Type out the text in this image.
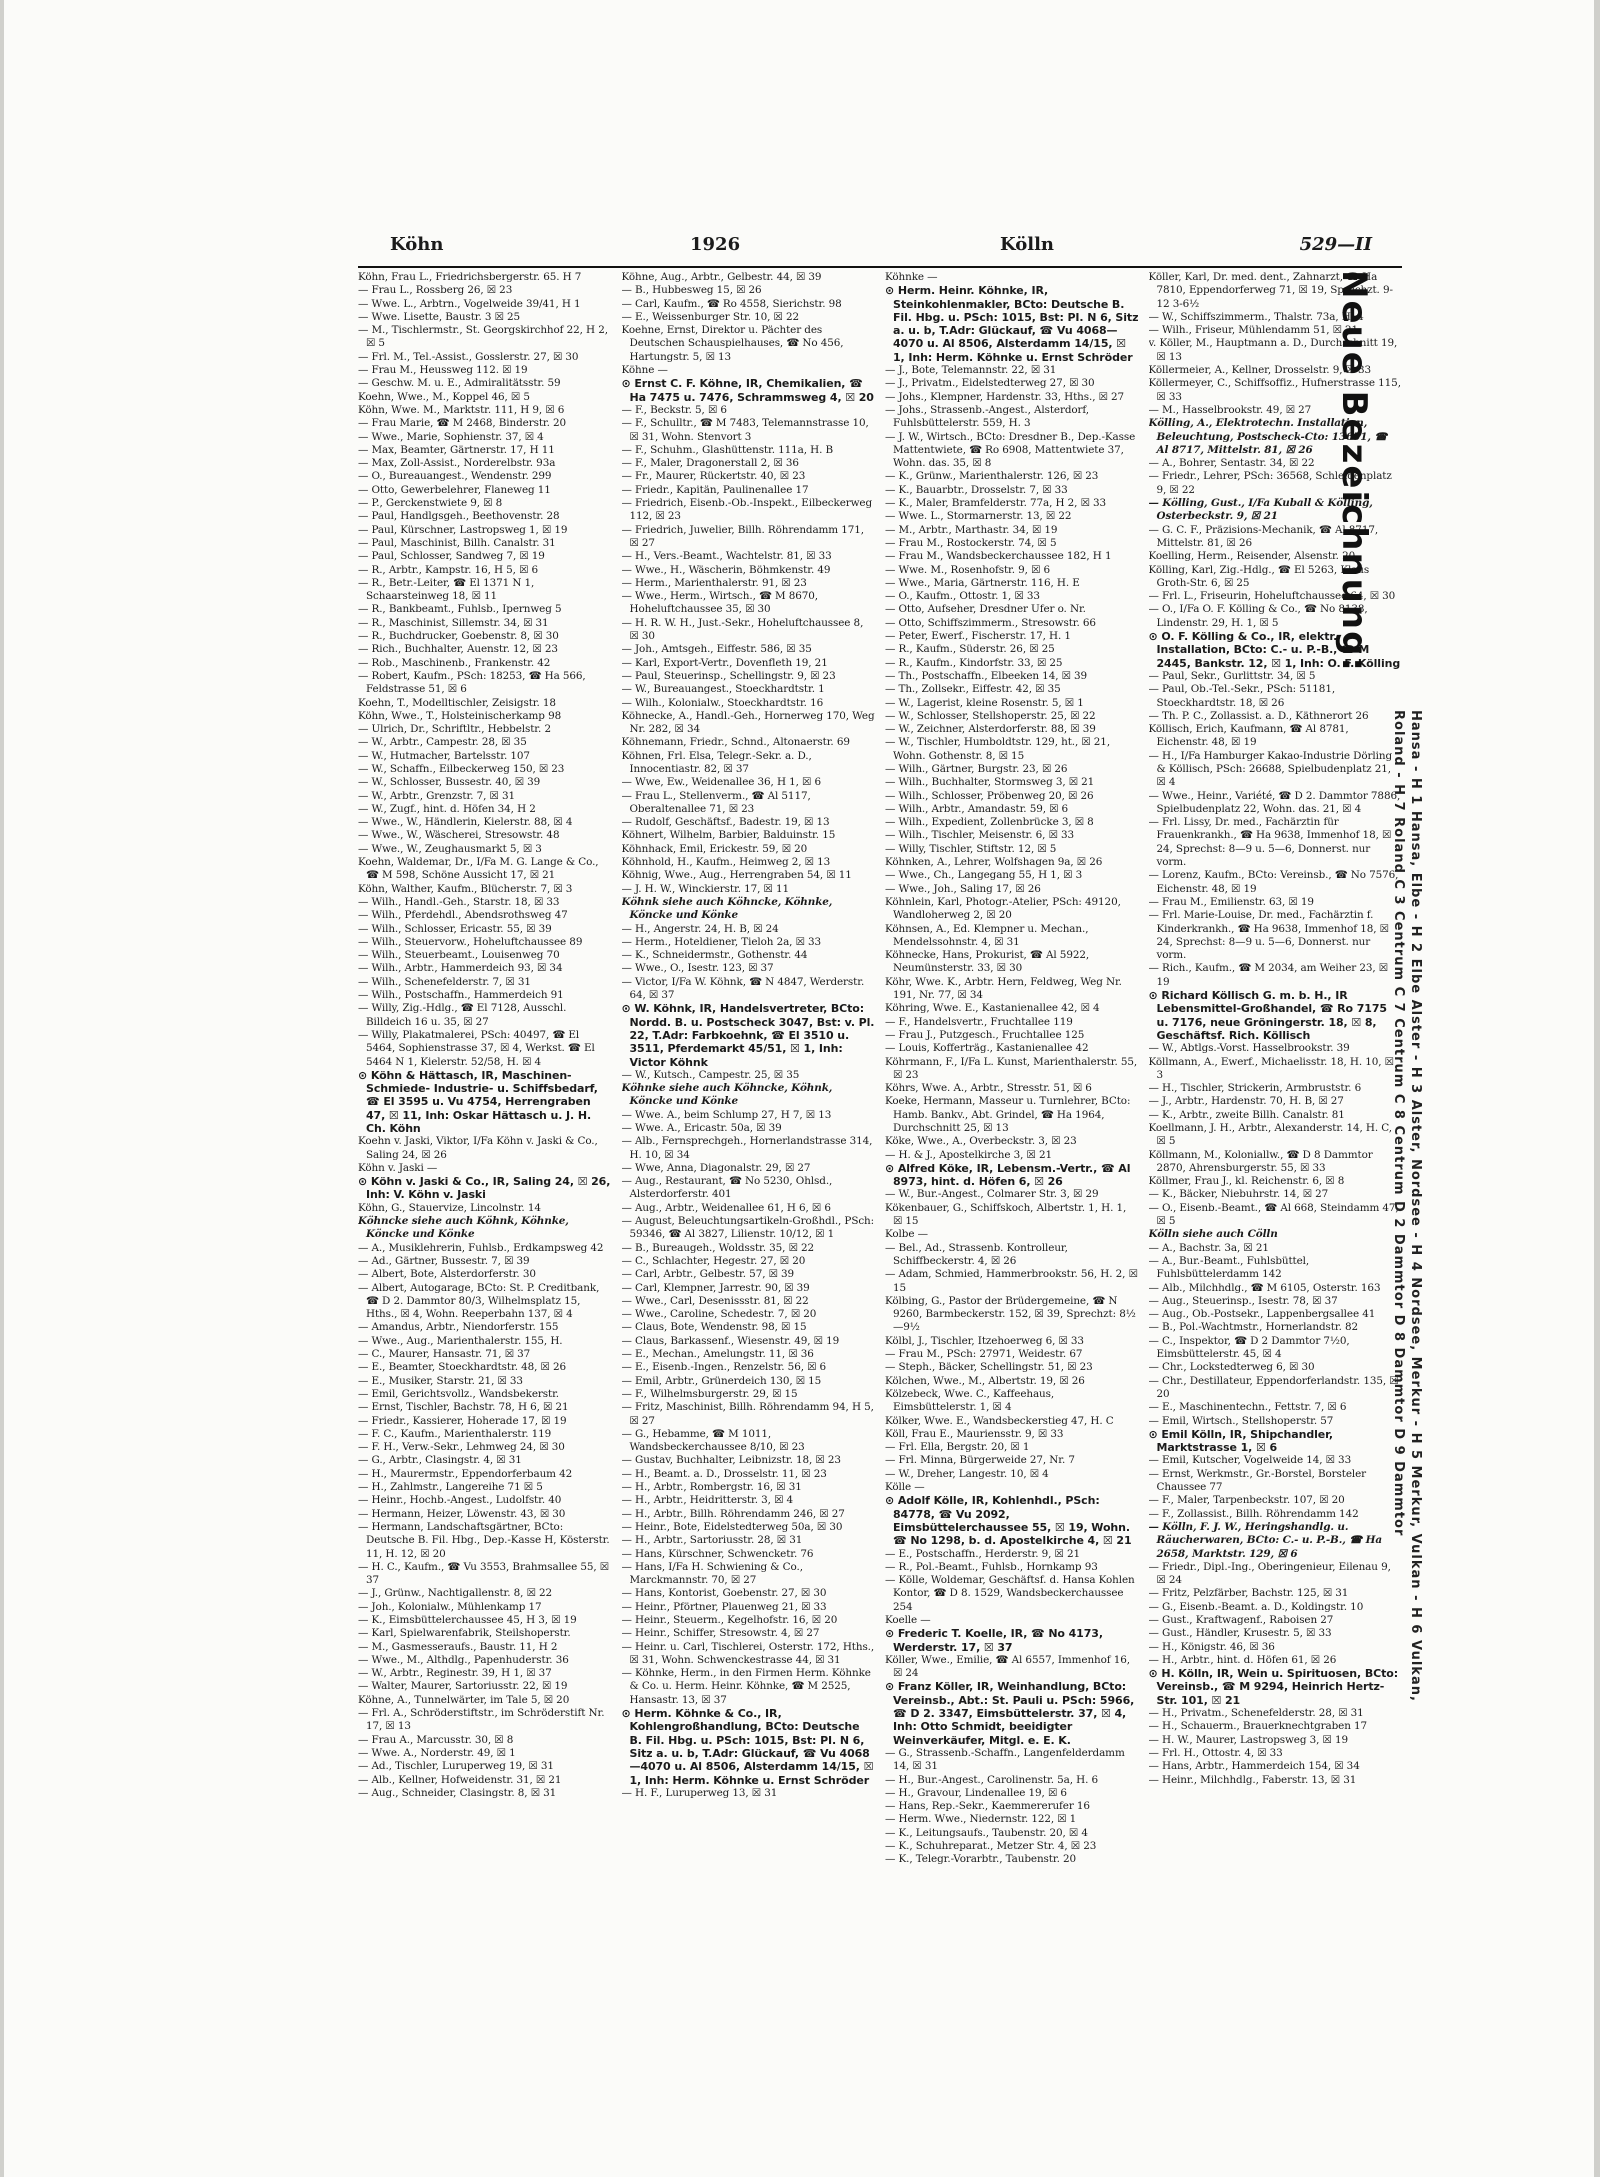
Köhn	1926	Kölln	529—II

Köhn, Frau L., Friedrichsbergerstr. 65. H 7

— Frau L., Rossberg 26, ☒ 23

— Wwe. L., Arbtrn., Vogelweide 39/41, H 1

— Wwe. Lisette, Baustr. 3 ☒ 25

— M., Tischlermstr., St. Georgskirchhof 22, H 2, ☒ 5

— Frl. M., Tel.-Assist., Gosslerstr. 27, ☒ 30

— Frau M., Heussweg 112. ☒ 19

— Geschw. M. u. E., Admiralitätsstr. 59

Koehn, Wwe., M., Koppel 46, ☒ 5

Köhn, Wwe. M., Marktstr. 111, H 9, ☒ 6

— Frau Marie, ☎ M 2468, Binderstr. 20

— Wwe., Marie, Sophienstr. 37, ☒ 4

— Max, Beamter, Gärtnerstr. 17, H 11

— Max, Zoll-Assist., Norderelbstr. 93a

— O., Bureauangest., Wendenstr. 299

— Otto, Gewerbelehrer, Flaneweg 11

— P., Gerckenstwiete 9, ☒ 8

— Paul, Handlgsgeh., Beethovenstr. 28

— Paul, Kürschner, Lastropsweg 1, ☒ 19

— Paul, Maschinist, Billh. Canalstr. 31

— Paul, Schlosser, Sandweg 7, ☒ 19

— R., Arbtr., Kampstr. 16, H 5, ☒ 6

— R., Betr.-Leiter, ☎ El 1371 N 1, Schaarsteinweg 18, ☒ 11

— R., Bankbeamt., Fuhlsb., Ipernweg 5

— R., Maschinist, Sillemstr. 34, ☒ 31

— R., Buchdrucker, Goebenstr. 8, ☒ 30

— Rich., Buchhalter, Auenstr. 12, ☒ 23

— Rob., Maschinenb., Frankenstr. 42

— Robert, Kaufm., PSch: 18253, ☎ Ha 566, Feldstrasse 51, ☒ 6

Koehn, T., Modelltischler, Zeisigstr. 18

Köhn, Wwe., T., Holsteinischerkamp 98

— Ulrich, Dr., Schriftltr., Hebbelstr. 2

— W., Arbtr., Campestr. 28, ☒ 35

— W., Hutmacher, Bartelsstr. 107

— W., Schaffn., Eilbeckerweg 150, ☒ 23

— W., Schlosser, Bussestr. 40, ☒ 39

— W., Arbtr., Grenzstr. 7, ☒ 31

— W., Zugf., hint. d. Höfen 34, H 2

— Wwe., W., Händlerin, Kielerstr. 88, ☒ 4

— Wwe., W., Wäscherei, Stresowstr. 48

— Wwe., W., Zeughausmarkt 5, ☒ 3

Koehn, Waldemar, Dr., I/Fa M. G. Lange & Co., ☎ M 598, Schöne Aussicht 17, ☒ 21

Köhn, Walther, Kaufm., Blücherstr. 7, ☒ 3

— Wilh., Handl.-Geh., Starstr. 18, ☒ 33

— Wilh., Pferdehdl., Abendsrothsweg 47

— Wilh., Schlosser, Ericastr. 55, ☒ 39

— Wilh., Steuervorw., Hoheluftchaussee 89

— Wilh., Steuerbeamt., Louisenweg 70

— Wilh., Arbtr., Hammerdeich 93, ☒ 34

— Wilh., Schenefelderstr. 7, ☒ 31

— Wilh., Postschaffn., Hammerdeich 91

— Willy, Zig.-Hdlg., ☎ El 7128, Ausschl. Billdeich 16 u. 35, ☒ 27

— Willy, Plakatmalerei, PSch: 40497, ☎ El 5464, Sophienstrasse 37, ☒ 4, Werkst. ☎ El 5464 N 1, Kielerstr. 52/58, H. ☒ 4

⊙ Köhn & Hättasch, IR, Maschinen-Schmiede- Industrie- u. Schiffsbedarf, ☎ El 3595 u. Vu 4754, Herrengraben 47, ☒ 11, Inh: Oskar Hättasch u. J. H. Ch. Köhn

Koehn v. Jaski, Viktor, I/Fa Köhn v. Jaski & Co., Saling 24, ☒ 26

Köhn v. Jaski —

⊙ Köhn v. Jaski & Co., IR, Saling 24, ☒ 26, Inh: V. Köhn v. Jaski

Köhn, G., Stauervize, Lincolnstr. 14

Köhncke siehe auch Köhnk, Köhnke, Köncke und Könke

— A., Musiklehrerin, Fuhlsb., Erdkampsweg 42

— Ad., Gärtner, Bussestr. 7, ☒ 39

— Albert, Bote, Alsterdorferstr. 30

— Albert, Autogarage, BCto: St. P. Creditbank, ☎ D 2. Dammtor 80/3, Wilhelmsplatz 15, Hths., ☒ 4, Wohn. Reeperbahn 137, ☒ 4

— Amandus, Arbtr., Niendorferstr. 155

— Wwe., Aug., Marienthalerstr. 155, H.

— C., Maurer, Hansastr. 71, ☒ 37

— E., Beamter, Stoeckhardtstr. 48, ☒ 26

— E., Musiker, Starstr. 21, ☒ 33

— Emil, Gerichtsvollz., Wandsbekerstr.

— Ernst, Tischler, Bachstr. 78, H 6, ☒ 21

— Friedr., Kassierer, Hoherade 17, ☒ 19

— F. C., Kaufm., Marienthalerstr. 119

— F. H., Verw.-Sekr., Lehmweg 24, ☒ 30

— G., Arbtr., Clasingstr. 4, ☒ 31

— H., Maurermstr., Eppendorferbaum 42

— H., Zahlmstr., Langereihe 71 ☒ 5

— Heinr., Hochb.-Angest., Ludolfstr. 40

— Hermann, Heizer, Löwenstr. 43, ☒ 30

— Hermann, Landschaftsgärtner, BCto: Deutsche B. Fil. Hbg., Dep.-Kasse H, Kösterstr. 11, H. 12, ☒ 20

— H. C., Kaufm., ☎ Vu 3553, Brahmsallee 55, ☒ 37

— J., Grünw., Nachtigallenstr. 8, ☒ 22

— Joh., Kolonialw., Mühlenkamp 17

— K., Eimsbüttelerchaussee 45, H 3, ☒ 19

— Karl, Spielwarenfabrik, Steilshoperstr.

— M., Gasmesseraufs., Baustr. 11, H 2

— Wwe., M., Althdlg., Papenhuderstr. 36

— W., Arbtr., Reginestr. 39, H 1, ☒ 37

— Walter, Maurer, Sartoriusstr. 22, ☒ 19

Köhne, A., Tunnelwärter, im Tale 5, ☒ 20

— Frl. A., Schröderstiftstr., im Schröderstift Nr. 17, ☒ 13

— Frau A., Marcusstr. 30, ☒ 8

— Wwe. A., Norderstr. 49, ☒ 1

— Ad., Tischler, Luruperweg 19, ☒ 31

— Alb., Kellner, Hofweidenstr. 31, ☒ 21

— Aug., Schneider, Clasingstr. 8, ☒ 31

Köhne, Aug., Arbtr., Gelbestr. 44, ☒ 39

— B., Hubbesweg 15, ☒ 26

— Carl, Kaufm., ☎ Ro 4558, Sierichstr. 98

— E., Weissenburger Str. 10, ☒ 22

Koehne, Ernst, Direktor u. Pächter des Deutschen Schauspielhauses, ☎ No 456, Hartungstr. 5, ☒ 13

Köhne —

⊙ Ernst C. F. Köhne, IR, Chemikalien, ☎ Ha 7475 u. 7476, Schrammsweg 4, ☒ 20

— F., Beckstr. 5, ☒ 6

— F., Schulltr., ☎ M 7483, Telemannstrasse 10, ☒ 31, Wohn. Stenvort 3

— F., Schuhm., Glashüttenstr. 111a, H. B

— F., Maler, Dragonerstall 2, ☒ 36

— Fr., Maurer, Rückertstr. 40, ☒ 23

— Friedr., Kapitän, Paulinenallee 17

— Friedrich, Eisenb.-Ob.-Inspekt., Eilbeckerweg 112, ☒ 23

— Friedrich, Juwelier, Billh. Röhrendamm 171, ☒ 27

— H., Vers.-Beamt., Wachtelstr. 81, ☒ 33

— Wwe., H., Wäscherin, Böhmkenstr. 49

— Herm., Marienthalerstr. 91, ☒ 23

— Wwe., Herm., Wirtsch., ☎ M 8670, Hoheluftchaussee 35, ☒ 30

— H. R. W. H., Just.-Sekr., Hoheluftchaussee 8, ☒ 30

— Joh., Amtsgeh., Eiffestr. 586, ☒ 35

— Karl, Export-Vertr., Dovenfleth 19, 21

— Paul, Steuerinsp., Schellingstr. 9, ☒ 23

— W., Bureauangest., Stoeckhardtstr. 1

— Wilh., Kolonialw., Stoeckhardtstr. 16

Köhnecke, A., Handl.-Geh., Hornerweg 170, Weg Nr. 282, ☒ 34

Köhnemann, Friedr., Schnd., Altonaerstr. 69

Köhnen, Frl. Elsa, Telegr.-Sekr. a. D., Innocentiastr. 82, ☒ 37

— Wwe, Ew., Weidenallee 36, H 1, ☒ 6

— Frau L., Stellenverm., ☎ Al 5117, Oberaltenallee 71, ☒ 23

— Rudolf, Geschäftsf., Badestr. 19, ☒ 13

Köhnert, Wilhelm, Barbier, Balduinstr. 15

Köhnhack, Emil, Erickestr. 59, ☒ 20

Köhnhold, H., Kaufm., Heimweg 2, ☒ 13

Köhnig, Wwe., Aug., Herrengraben 54, ☒ 11

— J. H. W., Winckierstr. 17, ☒ 11

Köhnk siehe auch Köhncke, Köhnke, Köncke und Könke

— H., Angerstr. 24, H. B, ☒ 24

— Herm., Hoteldiener, Tieloh 2a, ☒ 33

— K., Schneidermstr., Gothenstr. 44

— Wwe., O., Isestr. 123, ☒ 37

— Victor, I/Fa W. Köhnk, ☎ N 4847, Werderstr. 64, ☒ 37

⊙ W. Köhnk, IR, Handelsvertreter, BCto: Nordd. B. u. Postscheck 3047, Bst: v. Pl. 22, T.Adr: Farbkoehnk, ☎ El 3510 u. 3511, Pferdemarkt 45/51, ☒ 1, Inh: Victor Köhnk

— W., Kutsch., Campestr. 25, ☒ 35

Köhnke siehe auch Köhncke, Köhnk, Köncke und Könke

— Wwe. A., beim Schlump 27, H 7, ☒ 13

— Wwe. A., Ericastr. 50a, ☒ 39

— Alb., Fernsprechgeh., Hornerlandstrasse 314, H. 10, ☒ 34

— Wwe, Anna, Diagonalstr. 29, ☒ 27

— Aug., Restaurant, ☎ No 5230, Ohlsd., Alsterdorferstr. 401

— Aug., Arbtr., Weidenallee 61, H 6, ☒ 6

— August, Beleuchtungsartikeln-Großhdl., PSch: 59346, ☎ Al 3827, Lilienstr. 10/12, ☒ 1

— B., Bureaugeh., Woldsstr. 35, ☒ 22

— C., Schlachter, Hegestr. 27, ☒ 20

— Carl, Arbtr., Gelbestr. 57, ☒ 39

— Carl, Klempner, Jarrestr. 90, ☒ 39

— Wwe., Carl, Desenissstr. 81, ☒ 22

— Wwe., Caroline, Schedestr. 7, ☒ 20

— Claus, Bote, Wendenstr. 98, ☒ 15

— Claus, Barkassenf., Wiesenstr. 49, ☒ 19

— E., Mechan., Amelungstr. 11, ☒ 36

— E., Eisenb.-Ingen., Renzelstr. 56, ☒ 6

— Emil, Arbtr., Grünerdeich 130, ☒ 15

— F., Wilhelmsburgerstr. 29, ☒ 15

— Fritz, Maschinist, Billh. Röhrendamm 94, H 5, ☒ 27

— G., Hebamme, ☎ M 1011, Wandsbeckerchaussee 8/10, ☒ 23

— Gustav, Buchhalter, Leibnizstr. 18, ☒ 23

— H., Beamt. a. D., Drosselstr. 11, ☒ 23

— H., Arbtr., Rombergstr. 16, ☒ 31

— H., Arbtr., Heidritterstr. 3, ☒ 4

— H., Arbtr., Billh. Röhrendamm 246, ☒ 27

— Heinr., Bote, Eidelstedterweg 50a, ☒ 30

— H., Arbtr., Sartoriusstr. 28, ☒ 31

— Hans, Kürschner, Schwencketr. 76

— Hans, I/Fa H. Schwiening & Co., Marckmannstr. 70, ☒ 27

— Hans, Kontorist, Goebenstr. 27, ☒ 30

— Heinr., Pförtner, Plauenweg 21, ☒ 33

— Heinr., Steuerm., Kegelhofstr. 16, ☒ 20

— Heinr., Schiffer, Stresowstr. 4, ☒ 27

— Heinr. u. Carl, Tischlerei, Osterstr. 172, Hths., ☒ 31, Wohn. Schwenckestrasse 44, ☒ 31

— Köhnke, Herm., in den Firmen Herm. Köhnke & Co. u. Herm. Heinr. Köhnke, ☎ M 2525, Hansastr. 13, ☒ 37

⊙ Herm. Köhnke & Co., IR, Kohlengroßhandlung, BCto: Deutsche B. Fil. Hbg. u. PSch: 1015, Bst: PI. N 6, Sitz a. u. b, T.Adr: Glückauf, ☎ Vu 4068—4070 u. Al 8506, Alsterdamm 14/15, ☒ 1, Inh: Herm. Köhnke u. Ernst Schröder

— H. F., Luruperweg 13, ☒ 31

Köhnke —

⊙ Herm. Heinr. Köhnke, IR, Steinkohlenmakler, BCto: Deutsche B. Fil. Hbg. u. PSch: 1015, Bst: PI. N 6, Sitz a. u. b, T.Adr: Glückauf, ☎ Vu 4068—4070 u. Al 8506, Alsterdamm 14/15, ☒ 1, Inh: Herm. Köhnke u. Ernst Schröder

— J., Bote, Telemannstr. 22, ☒ 31

— J., Privatm., Eidelstedterweg 27, ☒ 30

— Johs., Klempner, Hardenstr. 33, Hths., ☒ 27

— Johs., Strassenb.-Angest., Alsterdorf, Fuhlsbüttelerstr. 559, H. 3

— J. W., Wirtsch., BCto: Dresdner B., Dep.-Kasse Mattentwiete, ☎ Ro 6908, Mattentwiete 37, Wohn. das. 35, ☒ 8

— K., Grünw., Marienthalerstr. 126, ☒ 23

— K., Bauarbtr., Drosselstr. 7, ☒ 33

— K., Maler, Bramfelderstr. 77a, H 2, ☒ 33

— Wwe. L., Stormarnerstr. 13, ☒ 22

— M., Arbtr., Marthastr. 34, ☒ 19

— Frau M., Rostockerstr. 74, ☒ 5

— Frau M., Wandsbeckerchaussee 182, H 1

— Wwe. M., Rosenhofstr. 9, ☒ 6

— Wwe., Maria, Gärtnerstr. 116, H. E

— O., Kaufm., Ottostr. 1, ☒ 33

— Otto, Aufseher, Dresdner Ufer o. Nr.

— Otto, Schiffszimmerm., Stresowstr. 66

— Peter, Ewerf., Fischerstr. 17, H. 1

— R., Kaufm., Süderstr. 26, ☒ 25

— R., Kaufm., Kindorfstr. 33, ☒ 25

— Th., Postschaffn., Elbeeken 14, ☒ 39

— Th., Zollsekr., Eiffestr. 42, ☒ 35

— W., Lagerist, kleine Rosenstr. 5, ☒ 1

— W., Schlosser, Stellshoperstr. 25, ☒ 22

— W., Zeichner, Alsterdorferstr. 88, ☒ 39

— W., Tischler, Humboldtstr. 129, ht., ☒ 21, Wohn. Gothenstr. 8, ☒ 15

— Wilh., Gärtner, Burgstr. 23, ☒ 26

— Wilh., Buchhalter, Stormsweg 3, ☒ 21

— Wilh., Schlosser, Pröbenweg 20, ☒ 26

— Wilh., Arbtr., Amandastr. 59, ☒ 6

— Wilh., Expedient, Zollenbrücke 3, ☒ 8

— Wilh., Tischler, Meisenstr. 6, ☒ 33

— Willy, Tischler, Stiftstr. 12, ☒ 5

Köhnken, A., Lehrer, Wolfshagen 9a, ☒ 26

— Wwe., Ch., Langegang 55, H 1, ☒ 3

— Wwe., Joh., Saling 17, ☒ 26

Köhnlein, Karl, Photogr.-Atelier, PSch: 49120, Wandloherweg 2, ☒ 20

Köhnsen, A., Ed. Klempner u. Mechan., Mendelssohnstr. 4, ☒ 31

Köhnecke, Hans, Prokurist, ☎ Al 5922, Neumünsterstr. 33, ☒ 30

Köhr, Wwe. K., Arbtr. Hern, Feldweg, Weg Nr. 191, Nr. 77, ☒ 34

Köhring, Wwe. E., Kastanienallee 42, ☒ 4

— F., Handelsvertr., Fruchtallee 119

— Frau J., Putzgesch., Fruchtallee 125

— Louis, Kofferträg., Kastanienallee 42

Köhrmann, F., I/Fa L. Kunst, Marienthalerstr. 55, ☒ 23

Köhrs, Wwe. A., Arbtr., Stresstr. 51, ☒ 6

Koeke, Hermann, Masseur u. Turnlehrer, BCto: Hamb. Bankv., Abt. Grindel, ☎ Ha 1964, Durchschnitt 25, ☒ 13

Köke, Wwe., A., Overbeckstr. 3, ☒ 23

— H. & J., Apostelkirche 3, ☒ 21

⊙ Alfred Köke, IR, Lebensm.-Vertr., ☎ Al 8973, hint. d. Höfen 6, ☒ 26

— W., Bur.-Angest., Colmarer Str. 3, ☒ 29

Kökenbauer, G., Schiffskoch, Albertstr. 1, H. 1, ☒ 15

Kolbe —

— Bel., Ad., Strassenb. Kontrolleur, Schiffbeckerstr. 4, ☒ 26

— Adam, Schmied, Hammerbrookstr. 56, H. 2, ☒ 15

Kölbing, G., Pastor der Brüdergemeine, ☎ N 9260, Barmbeckerstr. 152, ☒ 39, Sprechzt: 8½—9½

Kölbl, J., Tischler, Itzehoerweg 6, ☒ 33

— Frau M., PSch: 27971, Weidestr. 67

— Steph., Bäcker, Schellingstr. 51, ☒ 23

Kölchen, Wwe., M., Albertstr. 19, ☒ 26

Kölzebeck, Wwe. C., Kaffeehaus, Eimsbüttelerstr. 1, ☒ 4

Kölker, Wwe. E., Wandsbeckerstieg 47, H. C

Köll, Frau E., Mauriensstr. 9, ☒ 33

— Frl. Ella, Bergstr. 20, ☒ 1

— Frl. Minna, Bürgerweide 27, Nr. 7

— W., Dreher, Langestr. 10, ☒ 4

Kölle —

⊙ Adolf Kölle, IR, Kohlenhdl., PSch: 84778, ☎ Vu 2092, Eimsbüttelerchaussee 55, ☒ 19, Wohn. ☎ No 1298, b. d. Apostelkirche 4, ☒ 21

— E., Postschaffn., Herderstr. 9, ☒ 21

— R., Pol.-Beamt., Fuhlsb., Hornkamp 93

— Kölle, Woldemar, Geschäftsf. d. Hansa Kohlen Kontor, ☎ D 8. 1529, Wandsbeckerchaussee 254

Koelle —

⊙ Frederic T. Koelle, IR, ☎ No 4173, Werderstr. 17, ☒ 37

Köller, Wwe., Emilie, ☎ Al 6557, Immenhof 16, ☒ 24

⊙ Franz Köller, IR, Weinhandlung, BCto: Vereinsb., Abt.: St. Pauli u. PSch: 5966, ☎ D 2. 3347, Eimsbüttelerstr. 37, ☒ 4, Inh: Otto Schmidt, beeidigter Weinverkäufer, Mitgl. e. E. K.

— G., Strassenb.-Schaffn., Langenfelderdamm 14, ☒ 31

— H., Bur.-Angest., Carolinenstr. 5a, H. 6

— H., Gravour, Lindenallee 19, ☒ 6

— Hans, Rep.-Sekr., Kaemmererufer 16

— Herm. Wwe., Niedernstr. 122, ☒ 1

— K., Leitungsaufs., Taubenstr. 20, ☒ 4

— K., Schuhreparat., Metzer Str. 4, ☒ 23

— K., Telegr.-Vorarbtr., Taubenstr. 20

Köller, Karl, Dr. med. dent., Zahnarzt, ☎ Ha 7810, Eppendorferweg 71, ☒ 19, Sprechzt. 9-12 3-6½

— W., Schiffszimmerm., Thalstr. 73a, H. 4

— Wilh., Friseur, Mühlendamm 51, ☒ 21

v. Köller, M., Hauptmann a. D., Durchschnitt 19, ☒ 13

Köllermeier, A., Kellner, Drosselstr. 9, ☒ 33

Köllermeyer, C., Schiffsoffiz., Hufnerstrasse 115, ☒ 33

— M., Hasselbrookstr. 49, ☒ 27

Kölling, A., Elektrotechn. Installation, Beleuchtung, Postscheck-Cto: 13651, ☎ Al 8717, Mittelstr. 81, ☒ 26

— A., Bohrer, Sentastr. 34, ☒ 22

— Friedr., Lehrer, PSch: 36568, Schleidenplatz 9, ☒ 22

— Kölling, Gust., I/Fa Kuball & Kölling, Osterbeckstr. 9, ☒ 21

— G. C. F., Präzisions-Mechanik, ☎ Al 8717, Mittelstr. 81, ☒ 26

Koelling, Herm., Reisender, Alsenstr. 20

Kölling, Karl, Zig.-Hdlg., ☎ El 5263, Klaus Groth-Str. 6, ☒ 25

— Frl. L., Friseurin, Hoheluftchaussee 64, ☒ 30

— O., I/Fa O. F. Kölling & Co., ☎ No 8138, Lindenstr. 29, H. 1, ☒ 5

⊙ O. F. Kölling & Co., IR, elektr. Installation, BCto: C.- u. P.-B., ☎ M 2445, Bankstr. 12, ☒ 1, Inh: O. F. Kölling

— Paul, Sekr., Gurlittstr. 34, ☒ 5

— Paul, Ob.-Tel.-Sekr., PSch: 51181, Stoeckhardtstr. 18, ☒ 26

— Th. P. C., Zollassist. a. D., Käthnerort 26

Köllisch, Erich, Kaufmann, ☎ Al 8781, Eichenstr. 48, ☒ 19

— H., I/Fa Hamburger Kakao-Industrie Dörling & Köllisch, PSch: 26688, Spielbudenplatz 21, ☒ 4

— Wwe., Heinr., Variété, ☎ D 2. Dammtor 7886, Spielbudenplatz 22, Wohn. das. 21, ☒ 4

— Frl. Lissy, Dr. med., Fachärztin für Frauenkrankh., ☎ Ha 9638, Immenhof 18, ☒ 24, Sprechst: 8—9 u. 5—6, Donnerst. nur vorm.

— Lorenz, Kaufm., BCto: Vereinsb., ☎ No 7576, Eichenstr. 48, ☒ 19

— Frau M., Emilienstr. 63, ☒ 19

— Frl. Marie-Louise, Dr. med., Fachärztin f. Kinderkrankh., ☎ Ha 9638, Immenhof 18, ☒ 24, Sprechst: 8—9 u. 5—6, Donnerst. nur vorm.

— Rich., Kaufm., ☎ M 2034, am Weiher 23, ☒ 19

⊙ Richard Köllisch G. m. b. H., IR Lebensmittel-Großhandel, ☎ Ro 7175 u. 7176, neue Gröningerstr. 18, ☒ 8, Geschäftsf. Rich. Köllisch

— W., Abtlgs.-Vorst. Hasselbrookstr. 39

Köllmann, A., Ewerf., Michaelisstr. 18, H. 10, ☒ 3

— H., Tischler, Strickerin, Armbruststr. 6

— J., Arbtr., Hardenstr. 70, H. B, ☒ 27

— K., Arbtr., zweite Billh. Canalstr. 81

Koellmann, J. H., Arbtr., Alexanderstr. 14, H. C, ☒ 5

Köllmann, M., Koloniallw., ☎ D 8 Dammtor 2870, Ahrensburgerstr. 55, ☒ 33

Köllmer, Frau J., kl. Reichenstr. 6, ☒ 8

— K., Bäcker, Niebuhrstr. 14, ☒ 27

— O., Eisenb.-Beamt., ☎ Al 668, Steindamm 47, ☒ 5

Kölln siehe auch Cölln

— A., Bachstr. 3a, ☒ 21

— A., Bur.-Beamt., Fuhlsbüttel, Fuhlsbüttelerdamm 142

— Alb., Milchhdlg., ☎ M 6105, Osterstr. 163

— Aug., Steuerinsp., Isestr. 78, ☒ 37

— Aug., Ob.-Postsekr., Lappenbergsallee 41

— B., Pol.-Wachtmstr., Hornerlandstr. 82

— C., Inspektor, ☎ D 2 Dammtor 7½0, Eimsbüttelerstr. 45, ☒ 4

— Chr., Lockstedterweg 6, ☒ 30

— Chr., Destillateur, Eppendorferlandstr. 135, ☒ 20

— E., Maschinentechn., Fettstr. 7, ☒ 6

— Emil, Wirtsch., Stellshoperstr. 57

⊙ Emil Kölln, IR, Shipchandler, Marktstrasse 1, ☒ 6

— Emil, Kutscher, Vogelweide 14, ☒ 33

— Ernst, Werkmstr., Gr.-Borstel, Borsteler Chaussee 77

— F., Maler, Tarpenbeckstr. 107, ☒ 20

— F., Zollassist., Billh. Röhrendamm 142

— Kölln, F. J. W., Heringshandlg. u. Räucherwaren, BCto: C.- u. P.-B., ☎ Ha 2658, Marktstr. 129, ☒ 6

— Friedr., Dipl.-Ing., Oberingenieur, Eilenau 9, ☒ 24

— Fritz, Pelzfärber, Bachstr. 125, ☒ 31

— G., Eisenb.-Beamt. a. D., Koldingstr. 10

— Gust., Kraftwagenf., Raboisen 27

— Gust., Händler, Krusestr. 5, ☒ 33

— H., Königstr. 46, ☒ 36

— H., Arbtr., hint. d. Höfen 61, ☒ 26

⊙ H. Kölln, IR, Wein u. Spirituosen, BCto: Vereinsb., ☎ M 9294, Heinrich Hertz-Str. 101, ☒ 21

— H., Privatm., Schenefelderstr. 28, ☒ 31

— H., Schauerm., Brauerknechtgraben 17

— H. W., Maurer, Lastropsweg 3, ☒ 19

— Frl. H., Ottostr. 4, ☒ 33

— Hans, Arbtr., Hammerdeich 154, ☒ 34

— Heinr., Milchhdlg., Faberstr. 13, ☒ 31

Neue Bezeichnung:
Hansa - H 1 Hansa, Elbe - H 2 Elbe Alster - H 3 Alster, Nordsee - H 4 Nordsee, Merkur - H 5 Merkur, Vulkan - H 6 Vulkan,
Roland - H 7 Roland C 3 Centrum C 7 Centrum C 8 Centrum D 2 Dammtor D 8 Dammtor D 9 Dammtor
